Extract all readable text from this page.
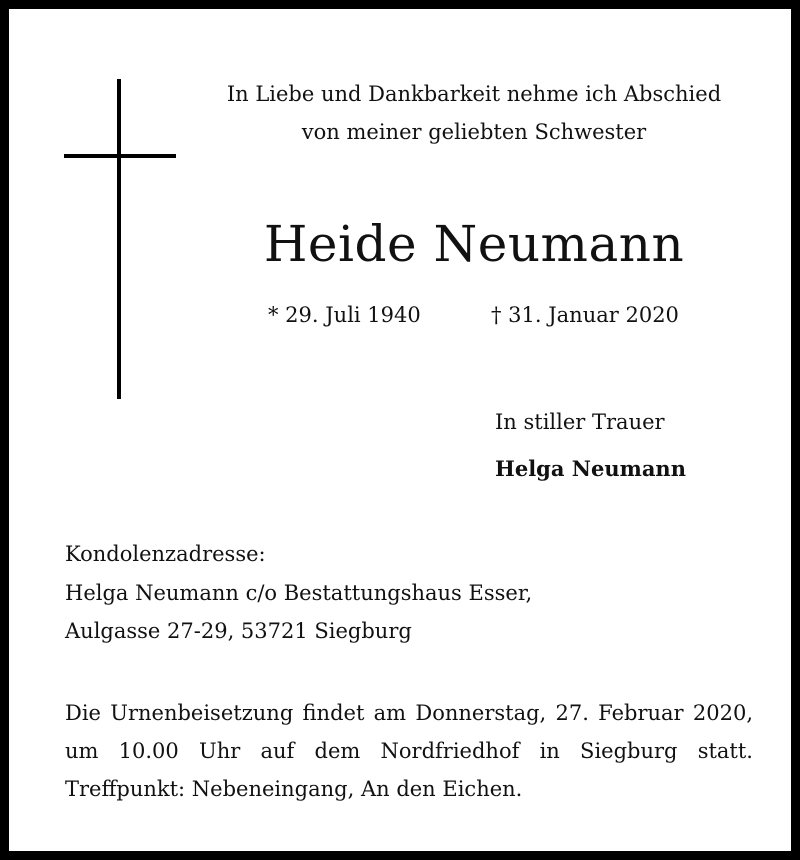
In Liebe und Dankbarkeit nehme ich Abschied
von meiner geliebten Schwester
Heide Neumann
* 29. Juli 1940	† 31. Januar 2020
In stiller Trauer
Helga Neumann
Kondolenzadresse:
Helga Neumann c/o Bestattungshaus Esser,
Aulgasse 27-29, 53721 Siegburg
Die Urnenbeisetzung findet am Donnerstag, 27. Februar 2020,
um 10.00 Uhr auf dem Nordfriedhof in Siegburg statt.
Treffpunkt: Nebeneingang, An den Eichen.
